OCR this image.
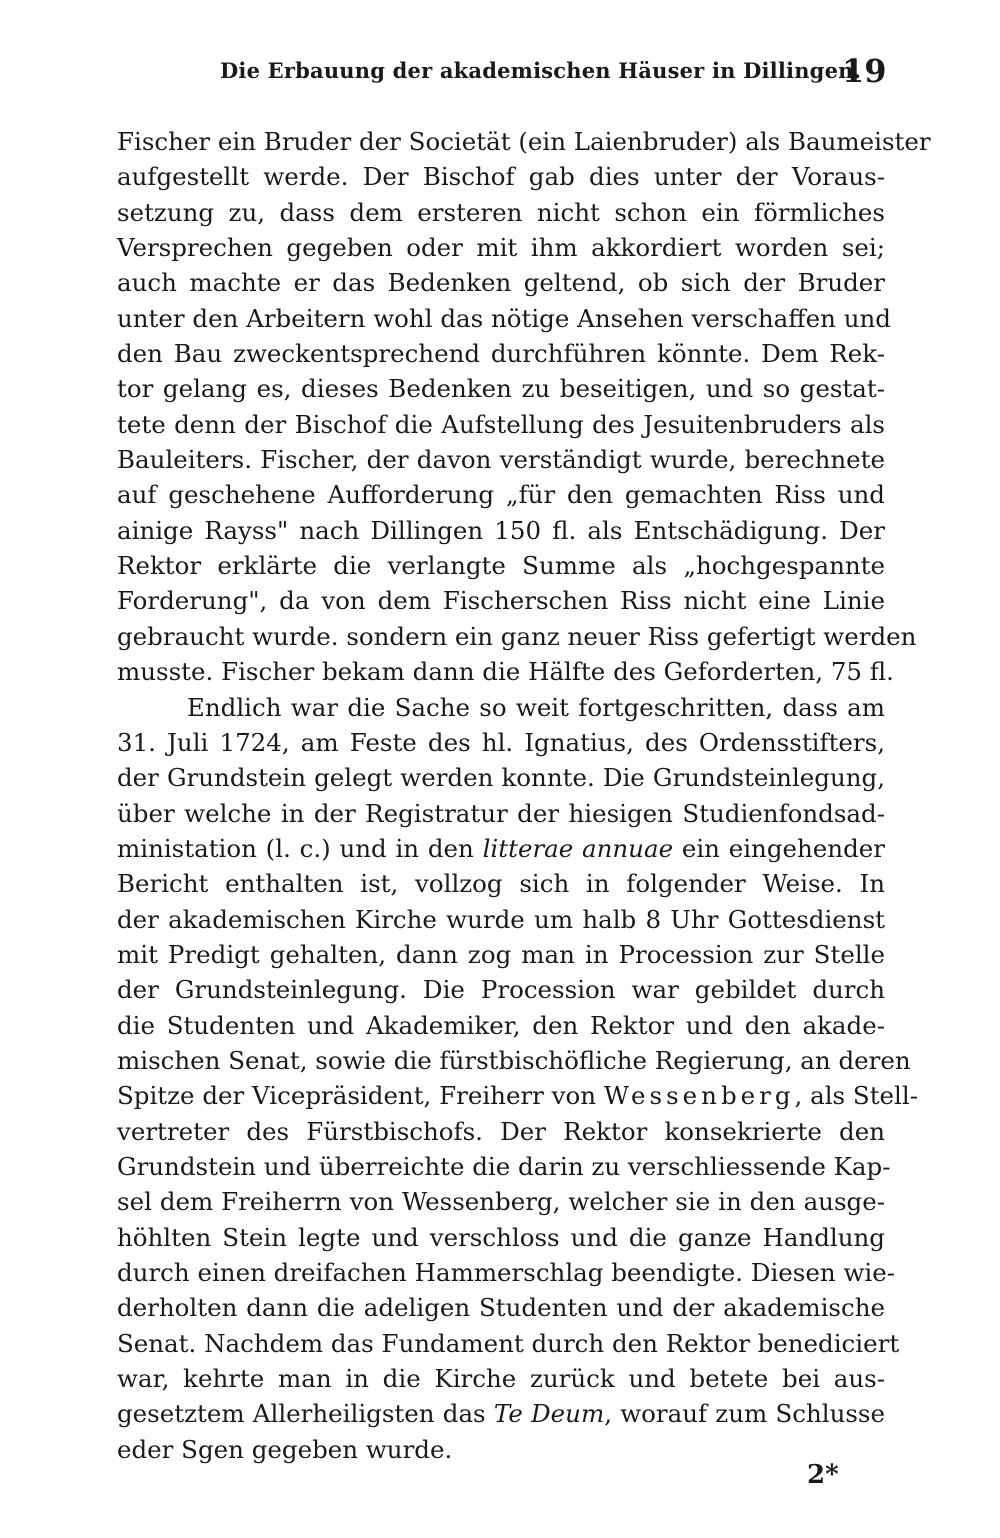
Die Erbauung der akademischen Häuser in Dillingen.
19
Fischer ein Bruder der Societät (ein Laienbruder) als Baumeister
aufgestellt werde. Der Bischof gab dies unter der Voraus-
setzung zu, dass dem ersteren nicht schon ein förmliches
Versprechen gegeben oder mit ihm akkordiert worden sei;
auch machte er das Bedenken geltend, ob sich der Bruder
unter den Arbeitern wohl das nötige Ansehen verschaffen und
den Bau zweckentsprechend durchführen könnte. Dem Rek-
tor gelang es, dieses Bedenken zu beseitigen, und so gestat-
tete denn der Bischof die Aufstellung des Jesuitenbruders als
Bauleiters. Fischer, der davon verständigt wurde, berechnete
auf geschehene Aufforderung „für den gemachten Riss und
ainige Rayss" nach Dillingen 150 fl. als Entschädigung. Der
Rektor erklärte die verlangte Summe als „hochgespannte
Forderung", da von dem Fischerschen Riss nicht eine Linie
gebraucht wurde. sondern ein ganz neuer Riss gefertigt werden
musste. Fischer bekam dann die Hälfte des Geforderten, 75 fl.
Endlich war die Sache so weit fortgeschritten, dass am
31. Juli 1724, am Feste des hl. Ignatius, des Ordensstifters,
der Grundstein gelegt werden konnte. Die Grundsteinlegung,
über welche in der Registratur der hiesigen Studienfondsad-
ministation (l. c.) und in den litterae annuae ein eingehender
Bericht enthalten ist, vollzog sich in folgender Weise. In
der akademischen Kirche wurde um halb 8 Uhr Gottesdienst
mit Predigt gehalten, dann zog man in Procession zur Stelle
der Grundsteinlegung. Die Procession war gebildet durch
die Studenten und Akademiker, den Rektor und den akade-
mischen Senat, sowie die fürstbischöfliche Regierung, an deren
Spitze der Vicepräsident, Freiherr von Wessenberg, als Stell-
vertreter des Fürstbischofs. Der Rektor konsekrierte den
Grundstein und überreichte die darin zu verschliessende Kap-
sel dem Freiherrn von Wessenberg, welcher sie in den ausge-
höhlten Stein legte und verschloss und die ganze Handlung
durch einen dreifachen Hammerschlag beendigte. Diesen wie-
derholten dann die adeligen Studenten und der akademische
Senat. Nachdem das Fundament durch den Rektor benediciert
war, kehrte man in die Kirche zurück und betete bei aus-
gesetztem Allerheiligsten das Te Deum, worauf zum Schlusse
eder Sgen gegeben wurde.
2*
